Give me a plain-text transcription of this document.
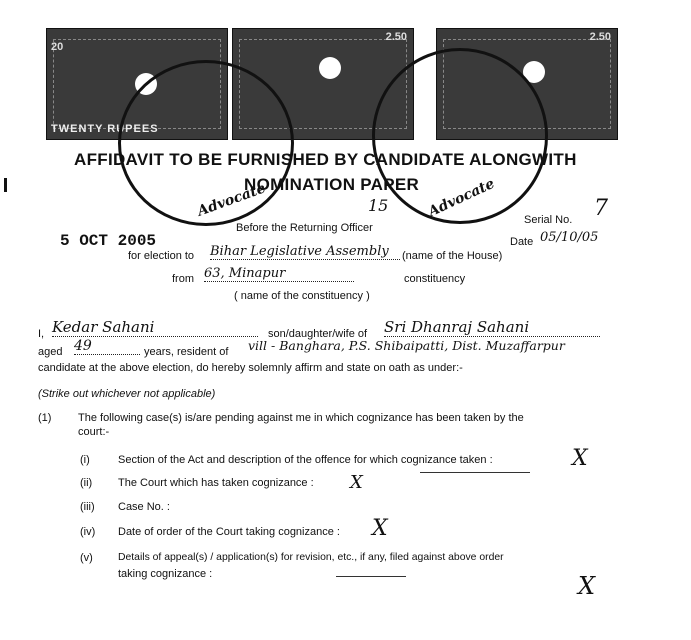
20
TWENTY RUPEES
2.50	2.50
Advocate	Advocate
AFFIDAVIT TO BE FURNISHED BY CANDIDATE ALONGWITH
NOMINATION PAPER
15
5 OCT 2005
Before the Returning Officer
Serial No. 7
Date 05/10/05
for election to Bihar Legislative Assembly	(name of the House)
from 63, Minapur	constituency
( name of the constituency )
I, Kedar Sahani	son/daughter/wife of Sri Dhanraj Sahani
aged 49	years, resident of vill - Banghara, P.S. Shibaipatti, Dist. Muzaffarpur
candidate at the above election, do hereby solemnly affirm and state on oath as under:-
(Strike out whichever not applicable)
(1) The following case(s) is/are pending against me in which cognizance has been taken by the
court:-
(i)	Section of the Act and description of the offence for which cognizance taken :	X
(ii) The Court which has taken cognizance : X
(iii) Case No. :
(iv) Date of order of the Court taking cognizance : X
(v) Details of appeal(s) / application(s) for revision, etc., if any, filed against above order
taking cognizance :	X
